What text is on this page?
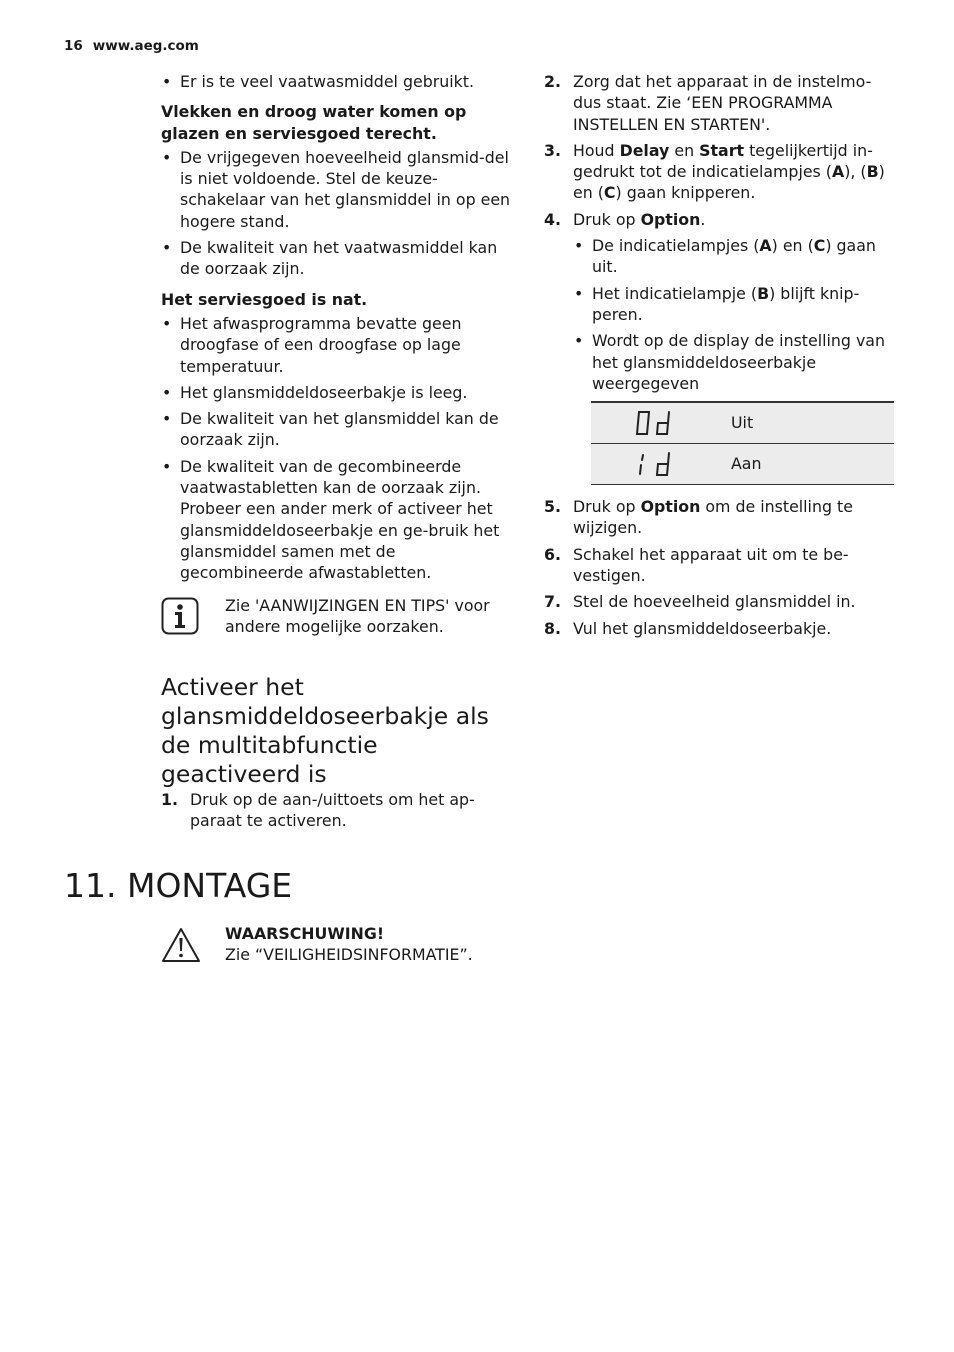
16 www.aeg.com
• Er is te veel vaatwasmiddel gebruikt.
Vlekken en droog water komen op glazen en serviesgoed terecht.
• De vrijgegeven hoeveelheid glansmid-del is niet voldoende. Stel de keuze-schakelaar van het glansmiddel in op een hogere stand.
• De kwaliteit van het vaatwasmiddel kan de oorzaak zijn.
Het serviesgoed is nat.
• Het afwasprogramma bevatte geen droogfase of een droogfase op lage temperatuur.
• Het glansmiddeldoseerbakje is leeg.
• De kwaliteit van het glansmiddel kan de oorzaak zijn.
• De kwaliteit van de gecombineerde vaatwastabletten kan de oorzaak zijn. Probeer een ander merk of activeer het glansmiddeldoseerbakje en ge-bruik het glansmiddel samen met de gecombineerde afwastabletten.
Zie 'AANWIJZINGEN EN TIPS' voor andere mogelijke oorzaken.
Activeer het glansmiddeldoseerbakje als de multitabfunctie geactiveerd is
1. Druk op de aan-/uittoets om het ap-paraat te activeren.
2. Zorg dat het apparaat in de instelmo-dus staat. Zie ‘EEN PROGRAMMA INSTELLEN EN STARTEN'.
3. Houd Delay en Start tegelijkertijd in-gedrukt tot de indicatielampjes (A), (B) en (C) gaan knipperen.
4. Druk op Option.
• De indicatielampjes (A) en (C) gaan uit.
• Het indicatielampje (B) blijft knip-peren.
• Wordt op de display de instelling van het glansmiddeldoseerbakje weergegeven
	Uit

	Aan
5. Druk op Option om de instelling te wijzigen.
6. Schakel het apparaat uit om te be-vestigen.
7. Stel de hoeveelheid glansmiddel in.
8. Vul het glansmiddeldoseerbakje.
11. MONTAGE
WAARSCHUWING!
Zie “VEILIGHEIDSINFORMATIE”.
